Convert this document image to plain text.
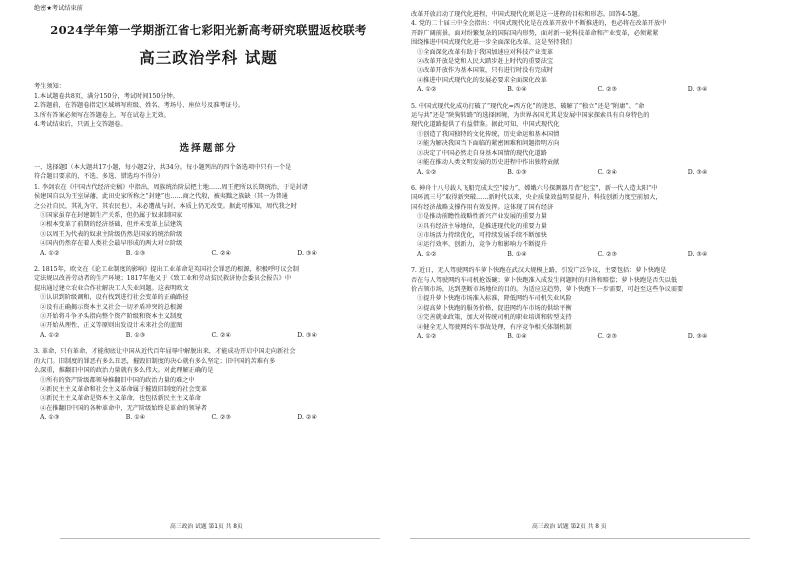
绝密★考试结束前
2024学年第一学期浙江省七彩阳光新高考研究联盟返校联考
高三政治学科 试题
考生须知：
1.本试题卷共8页，满分150分，考试时间150分钟。
2.答题前，在答题卷指定区域填写班级、姓名、考场号、座位号及准考证号。
3.所有答案必须写在答题卷上，写在试卷上无效。
4.考试结束后，只需上交答题卷。
选择题部分
一、选择题Ⅰ（本大题共17小题，每小题2分，共34分。每小题列出的四个备选项中只有一个是
符合题目要求的，不选、多选、错选均不得分）
1. 李剑农在《中国古代经济史稿》中指出，周族统治阶层把土地……周王把所以长期统治，于是封诸
侯建国自以为王室屏藩，此田史家所称之“封建”也……商之代殷，被夷黜之族缺（其一为普通
之公社自民，其礼为守，其农民也），未必遭战与封，本质上仍无改变。据此可推知，周代我之时
①国家虽存在封建制生产关系，但仍属于奴隶制国家
②根本变革了前期的经济基础，但并未变革上层建筑
③以周王为代表的奴隶主阶级仍然是国家的统治阶级
④国内仍然存在着人类社会最早形成的两大对立阶级
A. ①②	B. ①③	C. ②④	D. ③④
2. 1815年，欧文在《论工业制度的影响》提出工业革命是英国社会罪恶的根源，积极呼吁议会制
定法规以改善劳动者的生产环境；1817年他又于《致工业和劳动贫民救济协会委员会报告》中
提出通过建立农业合作社解决工人失业问题。这表明欧文
①认识到阶级调和，设有找到进行社会变革的正确路径
②设有正确揭示资本主义社会一切矛盾冲突的总根源
③开始将斗争矛头指向整个资产阶级和资本主义制度
④开始从理性、正义等原则出发设计未来社会的蓝图
A. ①②	B. ①③	C. ②④	D. ③④
3. 革命，只有革命，才能彻底让中国从近代百年屈辱中解脱出来，才能成功开启中国走向新社会
的大门。旧制度的罪恶有多么丑恶，摧毁旧制度的决心就有多么坚定；旧中国的苦难有多
么深重，推翻旧中国的政治力量就有多么伟大。对此理解正确的是
①所有的资产阶级都领导推翻旧中国的政治力量的难之中
②新民主主义革命和社会主义革命属于摧毁旧制度的社会变革
③新民主主义革命是资本主义革命，也包括新民主主义革命
④在推翻旧中国的各种革命中，无产阶级始终是革命的领导者
A. ①③	B. ①④	C. ②③	D. ②④
改革开放启动了现代化进程，中国式现代化则是这一进程的目标和形态。回答4-5题。
4. 党的二十届三中全会指出：中国式现代化是在改革开放中不断推进的，也必将在改革开放中
开辟广阔前景。面对纷繁复杂的国际国内形势，面对新一轮科技革命和产业变革，必须紧紧
围绕推进中国式现代化进一步全面深化改革。这是坚持我们
①全面深化改革有助于我国加速应对科技产业变革
②改革开放是党和人民大踏步赶上时代的重要法宝
③改革开放作为基本国策，只有进行时没有完成时
④推进中国式现代化的发展必要求全面深化改革
A. ①②	B. ①④	C. ②③	D. ③④
5. 中国式现代化成功打破了“现代化=西方化”的迷思，破解了“独立”还是“附庸”、“命
运与共”还是“陕狗转路”的选择困境，为世界各国尤其是发展中国家探索具有自身特色的
现代化道路提供了有益借鉴。据此可知，中国式现代化
①创造了我国独特的文化传统，历史命运和基本国情
②能为解决我国当下面临的紧密困难和问题指明方向
③决定了中国必然走自身基本国情的现代化道路
④能在推动人类文明发展的历史进程中作出独特贡献
A. ①②	B. ①③	C. ②④	D. ③④
6. 神舟十八号载人飞船完成太空“接力”，嫦娥六号探测器月背“挖宝”，新一代人造太阳“中
国环流三号”取得新突破……新时代以来，央企质量效益明显提升，科技创新力度空前加大，
国有经济战略支撑作用有效发挥。这体现了国有经济
①是推动前瞻性战略性新兴产业发展的重要力量
②具有经济主导地位，是推进现代化的重要力量
③市场活力持续优化，可持续发展手续不断加快
④运行效率、创新力，竞争力和影响力不断提升
A. ①②	B. ①④	C. ②③	D. ③④
7. 近日，无人驾驶网约车萝卜快跑在武汉大规模上路，引发广泛争议，主要包括：萝卜快跑是
否在与人驾驶网约车司机抢饭碗；萝卜快跑准入成发生问题时的归咎和赔偿；萝卜快跑是否失以低
价占领市场，达到垄断市场地位的目的。为适应这趋势，萝卜快跑下一步需要，可赶至这些争议需要
①提升萝卜快跑市场准入标准，降低网约车司机失业风险
②提高萝卜快跑的服务价格，促进网约车市场的供给平衡
③完善就业政策，加大对传统司机的职业培训和转型支持
④健全无人驾驶网约车事故处理，有序竞争相关体制机制
A. ①②	B. ①④	C. ②③	D. ③④
高三政治 试题 第1页 共 8页	高三政治 试题 第2页 共 8 页
